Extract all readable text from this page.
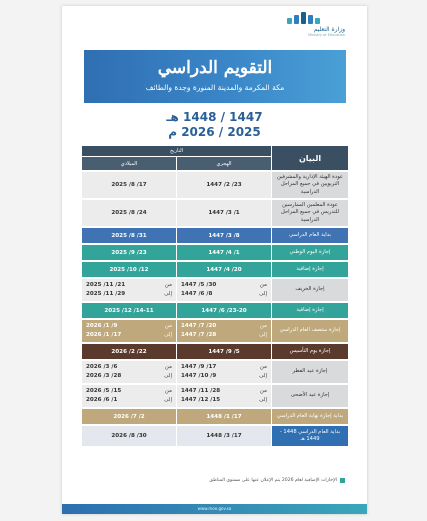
وزارة التعليم
Ministry of Education
التقويم الدراسي
مكة المكرمة والمدينة المنورة وجدة والطائف
1447 / 1448 هـ
2025 / 2026 م
البيان
التاريخ
الهجري
الميلادي
عودة الهيئة الإدارية والمشرفين التربويين في جميع المراحل الدراسية
1447 /2 /23
2025 /8 /17
عودة المعلمين الممارسين للتدريس في جميع المراحل الدراسية
1447 /3 /1
2025 /8 /24
بداية العام الدراسي
1447 /3 /8
2025 /8 /31
إجازة اليوم الوطني
1447 /4 /1
2025 /9 /23
إجازة إضافية
1447 /4 /20
2025 /10 /12
إجازة الخريف
من
1447 /5 /30
إلى
1447 /6 /8
من
2025 /11 /21
إلى
2025 /11 /29
إجازة إضافية
1447 /6 /23-20
2025 /12 /14-11
إجازة منتصف العام الدراسي
من
1447 /7 /20
إلى
1447 /7 /28
من
2026 /1 /9
إلى
2026 /1 /17
إجازة يوم التأسيس
1447 /9 /5
2026 /2 /22
إجازة عيد الفطر
من
1447 /9 /17
إلى
1447 /10 /9
من
2026 /3 /6
إلى
2026 /3 /28
إجازة عيد الأضحى
من
1447 /11 /28
إلى
1447 /12 /15
من
2026 /5 /15
إلى
2026 /6 /1
بداية إجازة نهاية العام الدراسي
1448 /1 /17
2026 /7 /2
بداية العام الدراسي 1448 - 1449 هـ
1448 /3 /17
2026 /8 /30
الإجازات الإضافية لعام 2026 يتم الإعلان عنها على مستوى المناطق
www.moe.gov.sa
